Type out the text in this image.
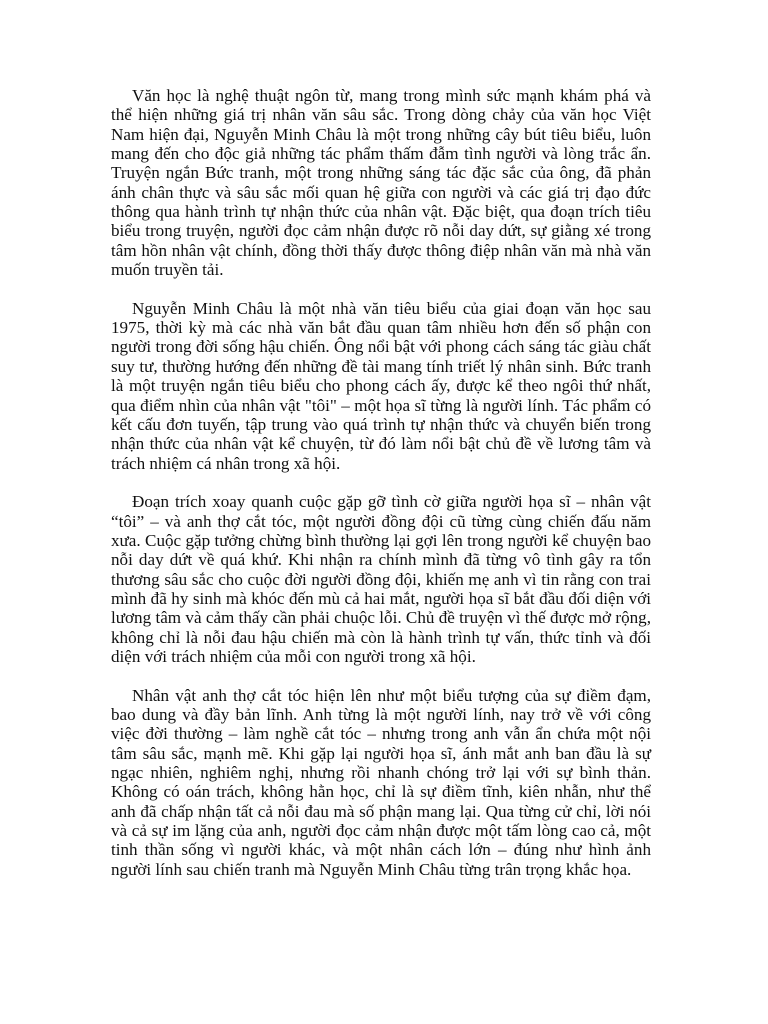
Văn học là nghệ thuật ngôn từ, mang trong mình sức mạnh khám phá và thể hiện những giá trị nhân văn sâu sắc. Trong dòng chảy của văn học Việt Nam hiện đại, Nguyễn Minh Châu là một trong những cây bút tiêu biểu, luôn mang đến cho độc giả những tác phẩm thấm đẫm tình người và lòng trắc ẩn. Truyện ngắn Bức tranh, một trong những sáng tác đặc sắc của ông, đã phản ánh chân thực và sâu sắc mối quan hệ giữa con người và các giá trị đạo đức thông qua hành trình tự nhận thức của nhân vật. Đặc biệt, qua đoạn trích tiêu biểu trong truyện, người đọc cảm nhận được rõ nỗi day dứt, sự giằng xé trong tâm hồn nhân vật chính, đồng thời thấy được thông điệp nhân văn mà nhà văn muốn truyền tải.

Nguyễn Minh Châu là một nhà văn tiêu biểu của giai đoạn văn học sau 1975, thời kỳ mà các nhà văn bắt đầu quan tâm nhiều hơn đến số phận con người trong đời sống hậu chiến. Ông nổi bật với phong cách sáng tác giàu chất suy tư, thường hướng đến những đề tài mang tính triết lý nhân sinh. Bức tranh là một truyện ngắn tiêu biểu cho phong cách ấy, được kể theo ngôi thứ nhất, qua điểm nhìn của nhân vật "tôi" – một họa sĩ từng là người lính. Tác phẩm có kết cấu đơn tuyến, tập trung vào quá trình tự nhận thức và chuyển biến trong nhận thức của nhân vật kể chuyện, từ đó làm nổi bật chủ đề về lương tâm và trách nhiệm cá nhân trong xã hội.

Đoạn trích xoay quanh cuộc gặp gỡ tình cờ giữa người họa sĩ – nhân vật “tôi” – và anh thợ cắt tóc, một người đồng đội cũ từng cùng chiến đấu năm xưa. Cuộc gặp tưởng chừng bình thường lại gợi lên trong người kể chuyện bao nỗi day dứt về quá khứ. Khi nhận ra chính mình đã từng vô tình gây ra tổn thương sâu sắc cho cuộc đời người đồng đội, khiến mẹ anh vì tin rằng con trai mình đã hy sinh mà khóc đến mù cả hai mắt, người họa sĩ bắt đầu đối diện với lương tâm và cảm thấy cần phải chuộc lỗi. Chủ đề truyện vì thế được mở rộng, không chỉ là nỗi đau hậu chiến mà còn là hành trình tự vấn, thức tỉnh và đối diện với trách nhiệm của mỗi con người trong xã hội.

Nhân vật anh thợ cắt tóc hiện lên như một biểu tượng của sự điềm đạm, bao dung và đầy bản lĩnh. Anh từng là một người lính, nay trở về với công việc đời thường – làm nghề cắt tóc – nhưng trong anh vẫn ẩn chứa một nội tâm sâu sắc, mạnh mẽ. Khi gặp lại người họa sĩ, ánh mắt anh ban đầu là sự ngạc nhiên, nghiêm nghị, nhưng rồi nhanh chóng trở lại với sự bình thản. Không có oán trách, không hằn học, chỉ là sự điềm tĩnh, kiên nhẫn, như thể anh đã chấp nhận tất cả nỗi đau mà số phận mang lại. Qua từng cử chỉ, lời nói và cả sự im lặng của anh, người đọc cảm nhận được một tấm lòng cao cả, một tinh thần sống vì người khác, và một nhân cách lớn – đúng như hình ảnh người lính sau chiến tranh mà Nguyễn Minh Châu từng trân trọng khắc họa.
